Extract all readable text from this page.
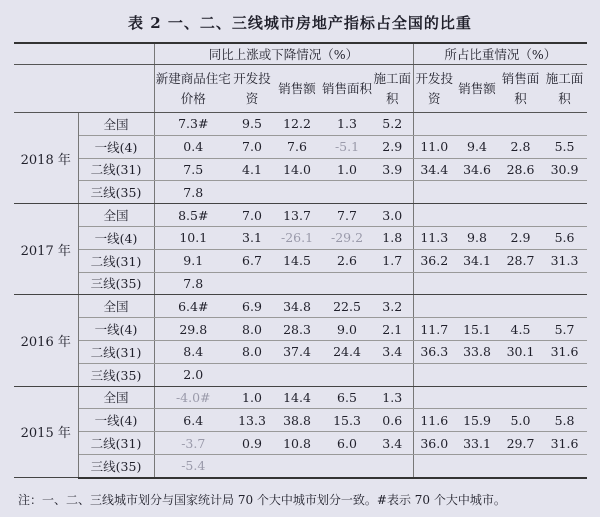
表 2 一、二、三线城市房地产指标占全国的比重
		同比上涨或下降情况（%）					所占比重情况（%）			
		新建商品住宅价格	开发投资	销售额	销售面积	施工面积	开发投资	销售额	销售面积	施工面积
2018 年	全国	7.3#	9.5	12.2	1.3	5.2				
	一线(4)	0.4	7.0	7.6	-5.1	2.9	11.0	9.4	2.8	5.5
	二线(31)	7.5	4.1	14.0	1.0	3.9	34.4	34.6	28.6	30.9
	三线(35)	7.8								
2017 年	全国	8.5#	7.0	13.7	7.7	3.0				
	一线(4)	10.1	3.1	-26.1	-29.2	1.8	11.3	9.8	2.9	5.6
	二线(31)	9.1	6.7	14.5	2.6	1.7	36.2	34.1	28.7	31.3
	三线(35)	7.8								
2016 年	全国	6.4#	6.9	34.8	22.5	3.2				
	一线(4)	29.8	8.0	28.3	9.0	2.1	11.7	15.1	4.5	5.7
	二线(31)	8.4	8.0	37.4	24.4	3.4	36.3	33.8	30.1	31.6
	三线(35)	2.0								
2015 年	全国	-4.0#	1.0	14.4	6.5	1.3				
	一线(4)	6.4	13.3	38.8	15.3	0.6	11.6	15.9	5.0	5.8
	二线(31)	-3.7	0.9	10.8	6.0	3.4	36.0	33.1	29.7	31.6
	三线(35)	-5.4								
注：一、二、三线城市划分与国家统计局 70 个大中城市划分一致。#表示 70 个大中城市。
